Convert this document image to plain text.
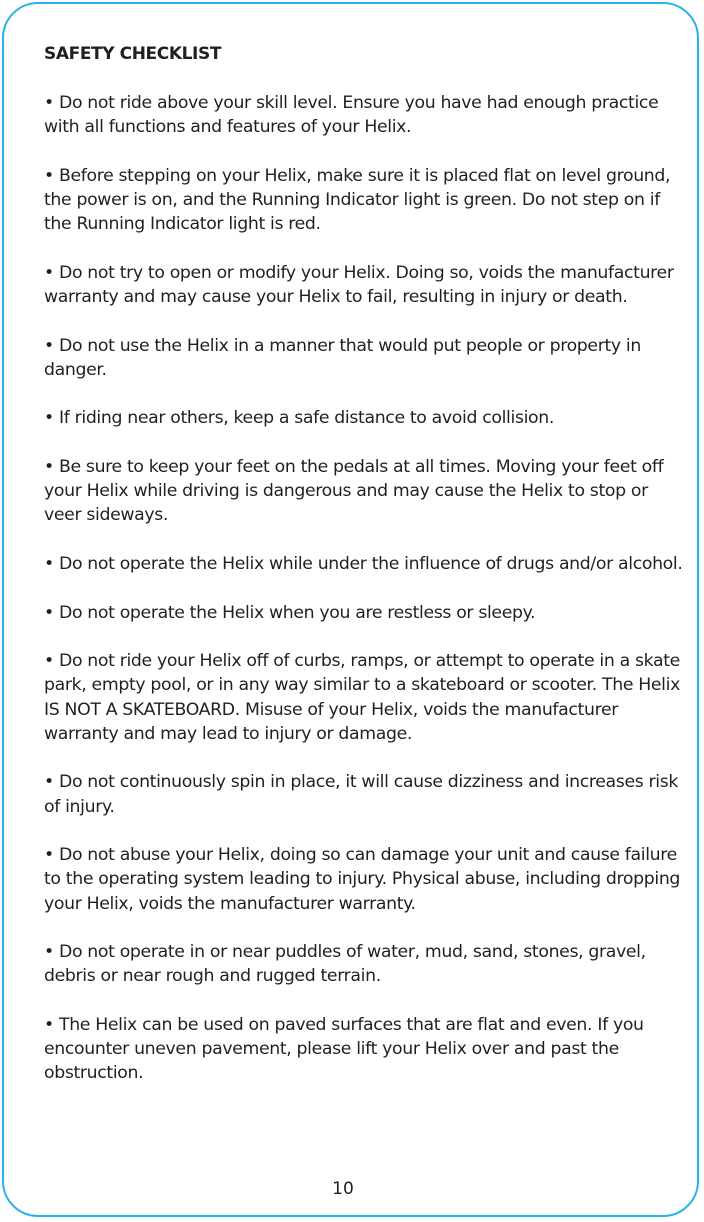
SAFETY CHECKLIST

• Do not ride above your skill level. Ensure you have had enough practice with all functions and features of your Helix.

• Before stepping on your Helix, make sure it is placed flat on level ground, the power is on, and the Running Indicator light is green. Do not step on if the Running Indicator light is red.

• Do not try to open or modify your Helix. Doing so, voids the manufacturer warranty and may cause your Helix to fail, resulting in injury or death.

• Do not use the Helix in a manner that would put people or property in danger.

• If riding near others, keep a safe distance to avoid collision.

• Be sure to keep your feet on the pedals at all times. Moving your feet off your Helix while driving is dangerous and may cause the Helix to stop or veer sideways.

• Do not operate the Helix while under the influence of drugs and/or alcohol.

• Do not operate the Helix when you are restless or sleepy.

• Do not ride your Helix off of curbs, ramps, or attempt to operate in a skate park, empty pool, or in any way similar to a skateboard or scooter. The Helix IS NOT A SKATEBOARD. Misuse of your Helix, voids the manufacturer warranty and may lead to injury or damage.

• Do not continuously spin in place, it will cause dizziness and increases risk of injury.

• Do not abuse your Helix, doing so can damage your unit and cause failure to the operating system leading to injury. Physical abuse, including dropping your Helix, voids the manufacturer warranty.

• Do not operate in or near puddles of water, mud, sand, stones, gravel, debris or near rough and rugged terrain.

• The Helix can be used on paved surfaces that are flat and even. If you encounter uneven pavement, please lift your Helix over and past the obstruction.

10
